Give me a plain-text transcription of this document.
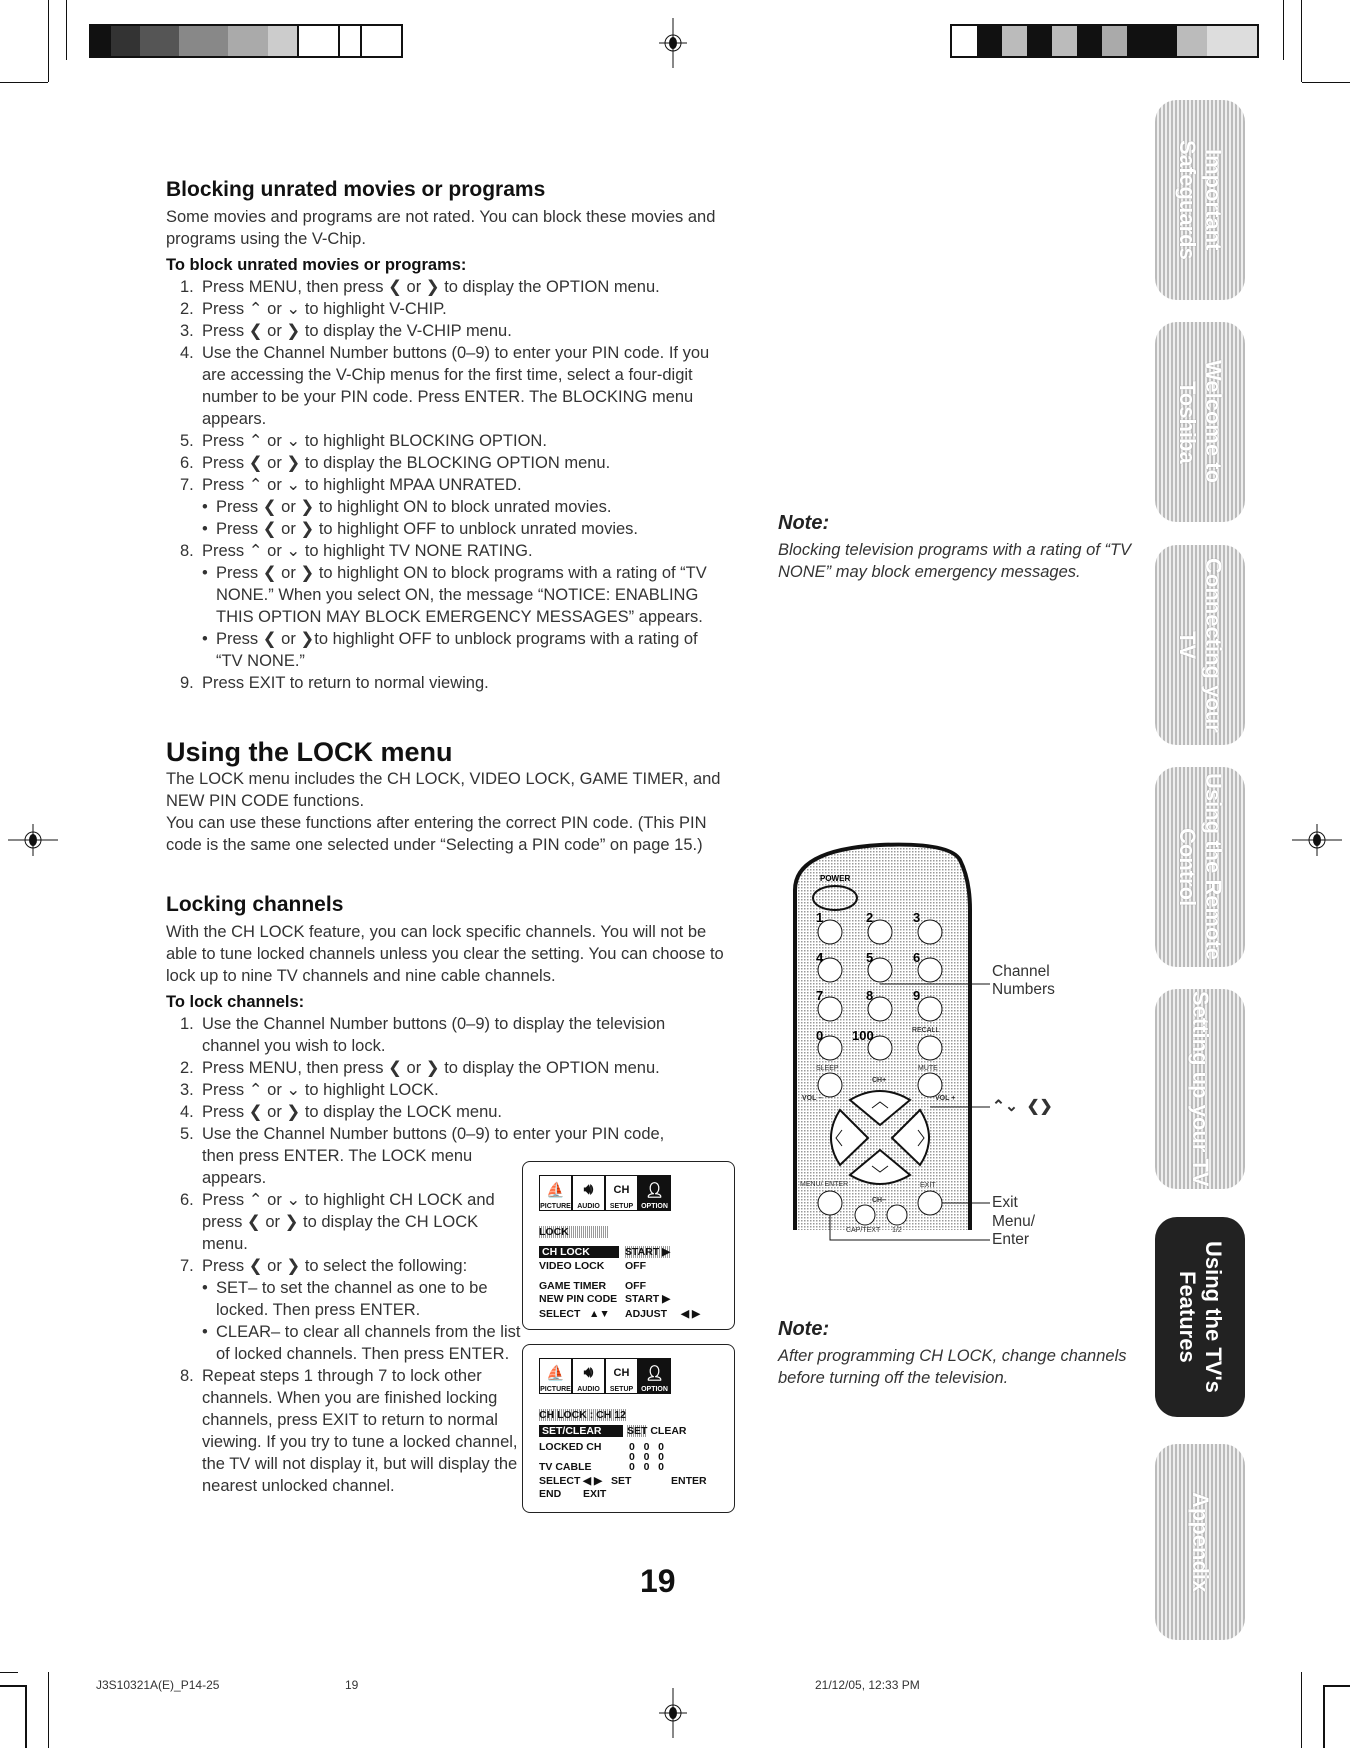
Blocking unrated movies or programs
Some movies and programs are not rated. You can block these movies and programs using the V-Chip.
To block unrated movies or programs:
1. Press MENU, then press ❮ or ❯ to display the OPTION menu.
2. Press ⌃ or ⌄ to highlight V-CHIP.
3. Press ❮ or ❯ to display the V-CHIP menu.
4. Use the Channel Number buttons (0–9) to enter your PIN code. If you are accessing the V-Chip menus for the first time, select a four-digit number to be your PIN code. Press ENTER. The BLOCKING menu appears.
5. Press ⌃ or ⌄ to highlight BLOCKING OPTION.
6. Press ❮ or ❯ to display the BLOCKING OPTION menu.
7. Press ⌃ or ⌄ to highlight MPAA UNRATED.
• Press ❮ or ❯ to highlight ON to block unrated movies.
• Press ❮ or ❯ to highlight OFF to unblock unrated movies.
8. Press ⌃ or ⌄ to highlight TV NONE RATING.
• Press ❮ or ❯ to highlight ON to block programs with a rating of “TV NONE.” When you select ON, the message “NOTICE: ENABLING THIS OPTION MAY BLOCK EMERGENCY MESSAGES” appears.
• Press ❮ or ❯to highlight OFF to unblock programs with a rating of “TV NONE.”
9. Press EXIT to return to normal viewing.
Note:
Blocking television programs with a rating of “TV NONE” may block emergency messages.
Using the LOCK menu
The LOCK menu includes the CH LOCK, VIDEO LOCK, GAME TIMER, and NEW PIN CODE functions.
You can use these functions after entering the correct PIN code. (This PIN code is the same one selected under “Selecting a PIN code” on page 15.)
Locking channels
With the CH LOCK feature, you can lock specific channels. You will not be able to tune locked channels unless you clear the setting. You can choose to lock up to nine TV channels and nine cable channels.
To lock channels:
1. Use the Channel Number buttons (0–9) to display the television channel you wish to lock.
2. Press MENU, then press ❮ or ❯ to display the OPTION menu.
3. Press ⌃ or ⌄ to highlight LOCK.
4. Press ❮ or ❯ to display the LOCK menu.
5. Use the Channel Number buttons (0–9) to enter your PIN code,
then press ENTER. The LOCK menu appears.
6. Press ⌃ or ⌄ to highlight CH LOCK and press ❮ or ❯ to display the CH LOCK menu.
7. Press ❮ or ❯ to select the following:
• SET– to set the channel as one to be locked. Then press ENTER.
• CLEAR– to clear all channels from the list of locked channels. Then press ENTER.
8. Repeat steps 1 through 7 to lock other channels. When you are finished locking channels, press EXIT to return to normal viewing. If you try to tune a locked channel, the TV will not display it, but will display the nearest unlocked channel.
⛵
PICTURE
🔊︎
AUDIO
CH
SETUP
👤︎
OPTION
LOCK
CH LOCK	START ▶
VIDEO LOCK OFF
GAME TIMER OFF
NEW PIN CODE START ▶
SELECT ▲▼ ADJUST ◀ ▶
⛵
PICTURE
🔊︎
AUDIO
CH
SETUP
👤︎
OPTION
CH LOCK : CH 12
SET/CLEAR SET CLEAR
LOCKED CH	0   0   0
0   0   0
0   0   0
TV CABLE
SELECT ◀ ▶ SET	ENTER
END EXIT
POWER
1	2	3
4	5	6
7	8	9
0 100	RECALL
SLEEP	MUTE
CH+
CH–
VOL –	VOL +
MENU/ ENTER	EXIT
CAP/TEXT 1/2
Channel
Numbers
⌃⌄  ❮❯
Exit
Menu/
Enter
Note:
After programming CH LOCK, change channels before turning off the television.
19
Important Safeguards
Welcome to Toshiba
Connecting your TV
Using the Remote Control
Setting up your TV
Using the TV's Features
Appendix
J3S10321A(E)_P14-25	19	21/12/05, 12:33 PM
